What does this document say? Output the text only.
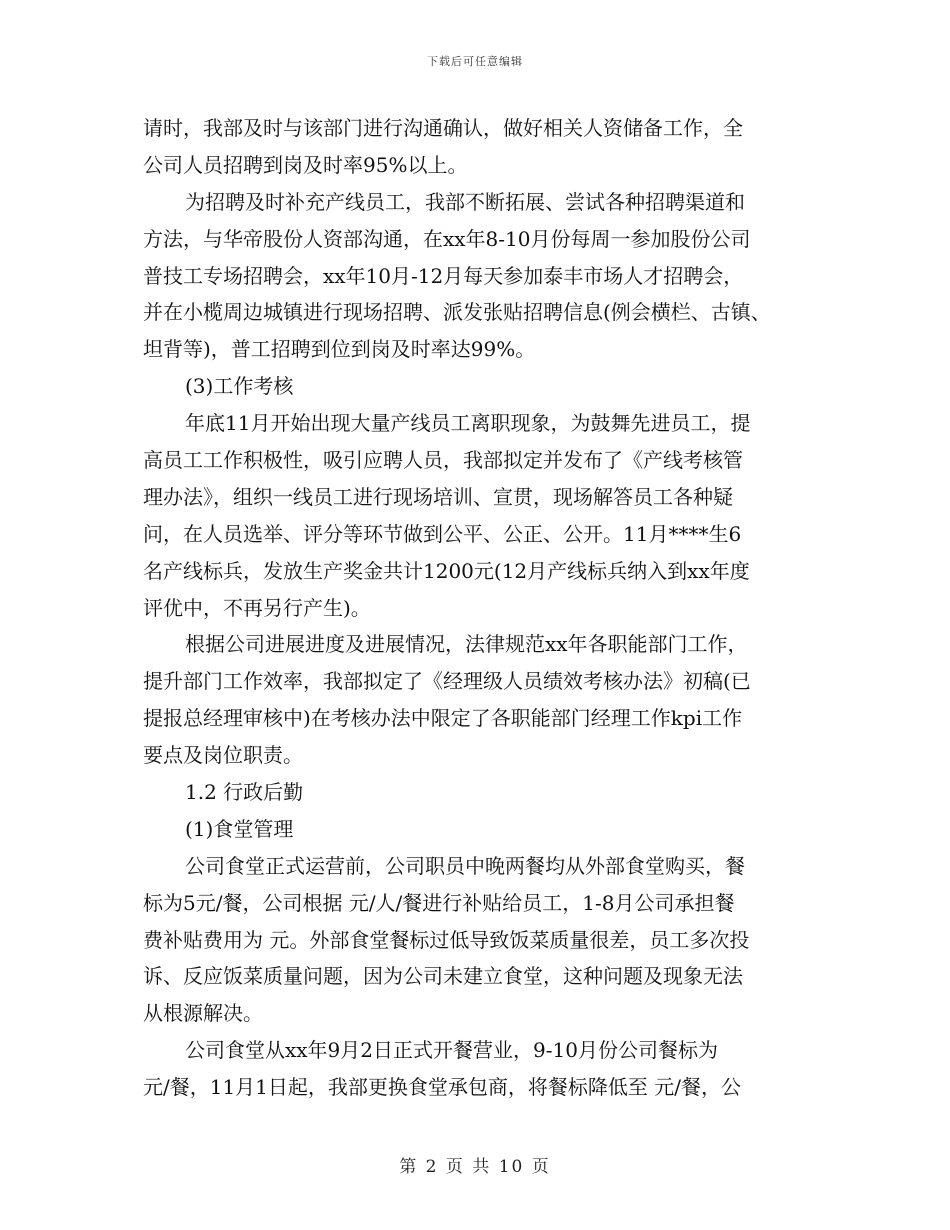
下载后可任意编辑
请时，我部及时与该部门进行沟通确认，做好相关人资储备工作，全
公司人员招聘到岗及时率95%以上。
为招聘及时补充产线员工，我部不断拓展、尝试各种招聘渠道和
方法，与华帝股份人资部沟通，在xx年8-10月份每周一参加股份公司
普技工专场招聘会，xx年10月-12月每天参加泰丰市场人才招聘会，
并在小榄周边城镇进行现场招聘、派发张贴招聘信息(例会横栏、古镇、
坦背等)，普工招聘到位到岗及时率达99%。
(3)工作考核
年底11月开始出现大量产线员工离职现象，为鼓舞先进员工，提
高员工工作积极性，吸引应聘人员，我部拟定并发布了《产线考核管
理办法》，组织一线员工进行现场培训、宣贯，现场解答员工各种疑
问，在人员选举、评分等环节做到公平、公正、公开。11月****生6
名产线标兵，发放生产奖金共计1200元(12月产线标兵纳入到xx年度
评优中，不再另行产生)。
根据公司进展进度及进展情况，法律规范xx年各职能部门工作，
提升部门工作效率，我部拟定了《经理级人员绩效考核办法》初稿(已
提报总经理审核中)在考核办法中限定了各职能部门经理工作kpi工作
要点及岗位职责。
1.2 行政后勤
(1)食堂管理
公司食堂正式运营前，公司职员中晚两餐均从外部食堂购买，餐
标为5元/餐，公司根据 元/人/餐进行补贴给员工，1-8月公司承担餐
费补贴费用为 元。外部食堂餐标过低导致饭菜质量很差，员工多次投
诉、反应饭菜质量问题，因为公司未建立食堂，这种问题及现象无法
从根源解决。
公司食堂从xx年9月2日正式开餐营业，9-10月份公司餐标为
元/餐，11月1日起，我部更换食堂承包商，将餐标降低至 元/餐，公
第 2 页 共 10 页
